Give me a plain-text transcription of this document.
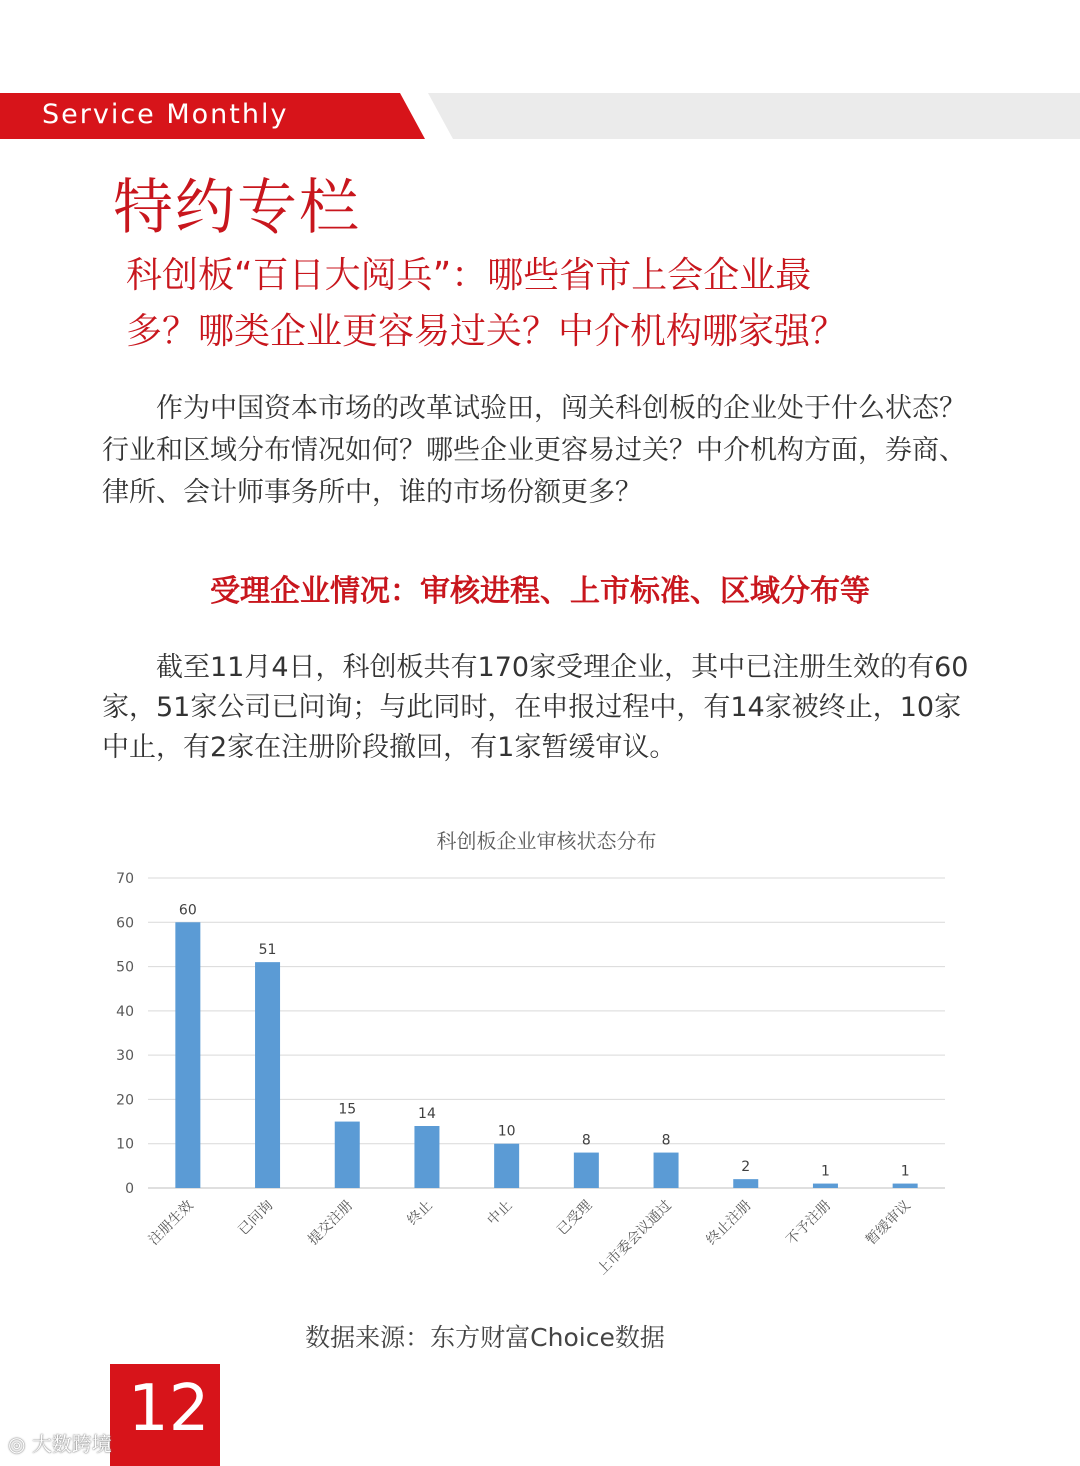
Service Monthly
特约专栏
科创板“百日大阅兵”：哪些省市上会企业最
多？哪类企业更容易过关？中介机构哪家强？

作为中国资本市场的改革试验田，闯关科创板的企业处于什么状态？行业和区域分布情况如何？哪些企业更容易过关？中介机构方面，券商、律所、会计师事务所中，谁的市场份额更多？

受理企业情况：审核进程、上市标准、区域分布等

截至11月4日，科创板共有170家受理企业，其中已注册生效的有60家，51家公司已问询；与此同时，在申报过程中，有14家被终止，10家中止，有2家在注册阶段撤回，有1家暂缓审议。

科创板企业审核状态分布
0
10
20
30
40
50
60
70
60
注册生效
51
已问询
15
提交注册
14
终止
10
中止
8
已受理
8
上市委会议通过
2
终止注册
1
不予注册
1
暂缓审议
数据来源：东方财富Choice数据
12
◎ 大数跨境
